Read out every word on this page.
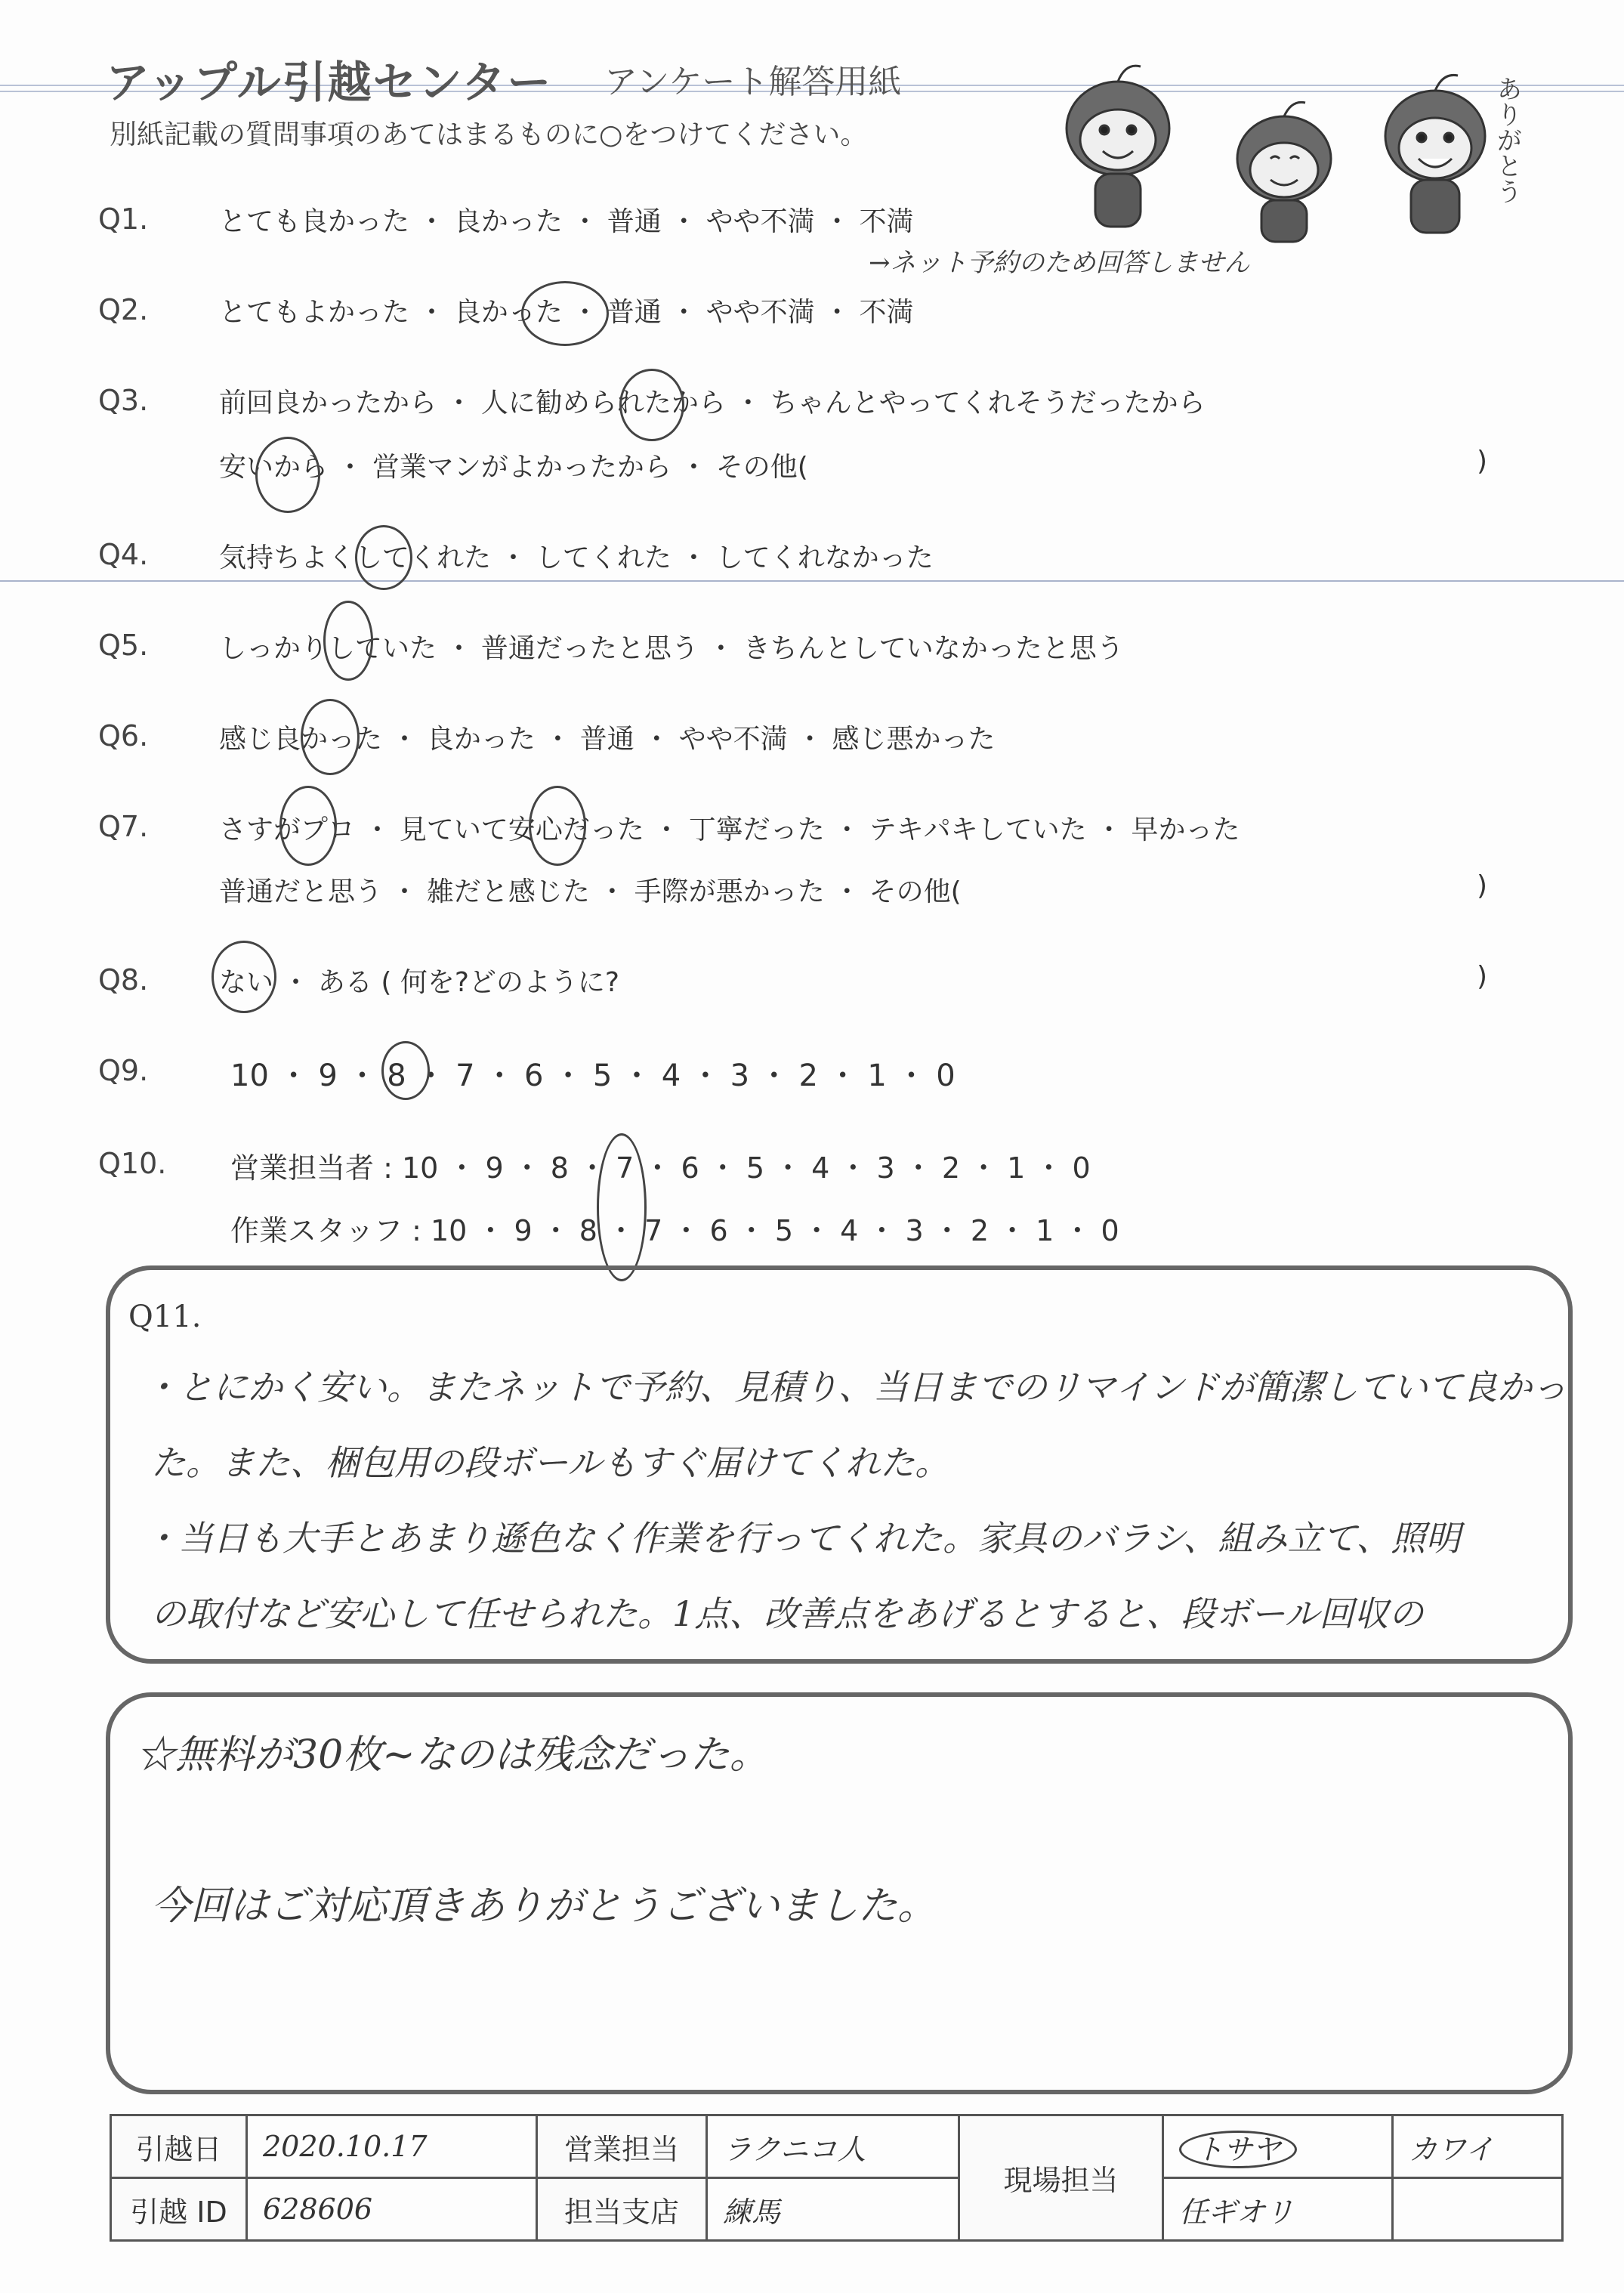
アップル引越センター アンケート解答用紙
別紙記載の質問事項のあてはまるものに○をつけてください。	ありがとう
Q1.	とても良かった ・ 良かった ・ 普通 ・ やや不満 ・ 不満
→ネット予約のため回答しません
Q2.	とてもよかった ・ 良かった ・ 普通 ・ やや不満 ・ 不満
Q3.	前回良かったから ・ 人に勧められたから ・ ちゃんとやってくれそうだったから
安いから ・ 営業マンがよかったから ・ その他(	)
Q4.	気持ちよくしてくれた ・ してくれた ・ してくれなかった
Q5.	しっかりしていた ・ 普通だったと思う ・ きちんとしていなかったと思う
Q6.	感じ良かった ・ 良かった ・ 普通 ・ やや不満 ・ 感じ悪かった
Q7.	さすがプロ ・ 見ていて安心だった ・ 丁寧だった ・ テキパキしていた ・ 早かった
普通だと思う ・ 雑だと感じた ・ 手際が悪かった ・ その他(	)
Q8.	ない ・ ある ( 何を?どのように?	)
Q9.	10 ・ 9 ・ 8 ・ 7 ・ 6 ・ 5 ・ 4 ・ 3 ・ 2 ・ 1 ・ 0
Q10. 営業担当者 : 10 ・ 9 ・ 8 ・ 7 ・ 6 ・ 5 ・ 4 ・ 3 ・ 2 ・ 1 ・ 0
作業スタッフ : 10 ・ 9 ・ 8 ・ 7 ・ 6 ・ 5 ・ 4 ・ 3 ・ 2 ・ 1 ・ 0
Q11.
・とにかく安い。またネットで予約、見積り、当日までのリマインドが簡潔していて良かっ
た。また、梱包用の段ボールもすぐ届けてくれた。
・当日も大手とあまり遜色なく作業を行ってくれた。家具のバラシ、組み立て、照明
の取付など安心して任せられた。1点、改善点をあげるとすると、段ボール回収の
☆無料が30枚~なのは残念だった。
今回はご対応頂きありがとうございました。
引越日	2020.10.17	営業担当	ラクニコ人	現場担当	トサヤ	カワイ
引越 ID	628606	担当支店	練馬		任ギオリ	
